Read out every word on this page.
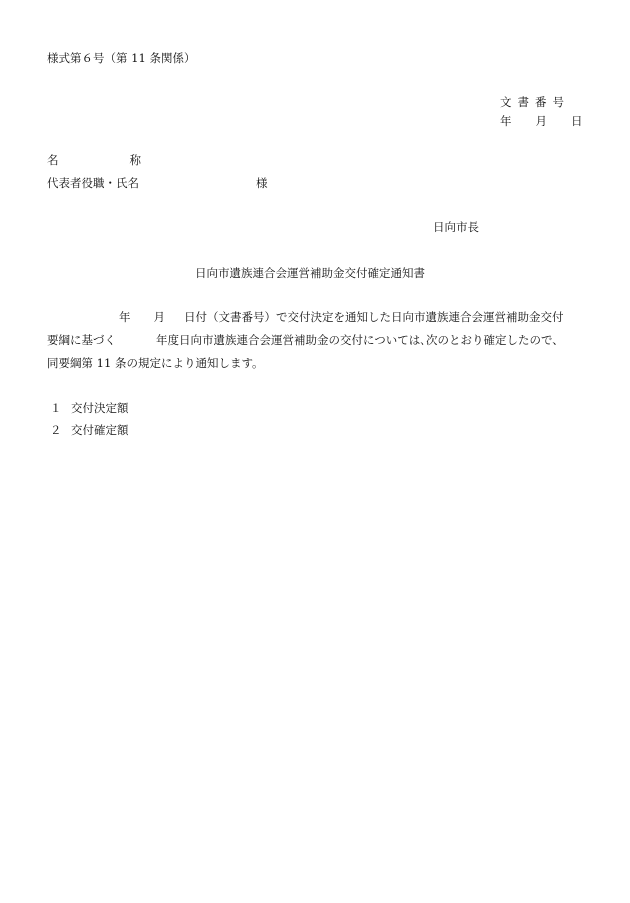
様式第６号（第 11 条関係）
文書番号
年 月 日
名	称
代表者役職・氏名	様
日向市長
日向市遺族連合会運営補助金交付確定通知書
年 月 日付（文書番号）で交付決定を通知した日向市遺族連合会運営補助金交付
要綱に基づく	年度日向市遺族連合会運営補助金の交付については､次のとおり確定したので、
同要綱第 11 条の規定により通知します。
１ 交付決定額
２ 交付確定額
